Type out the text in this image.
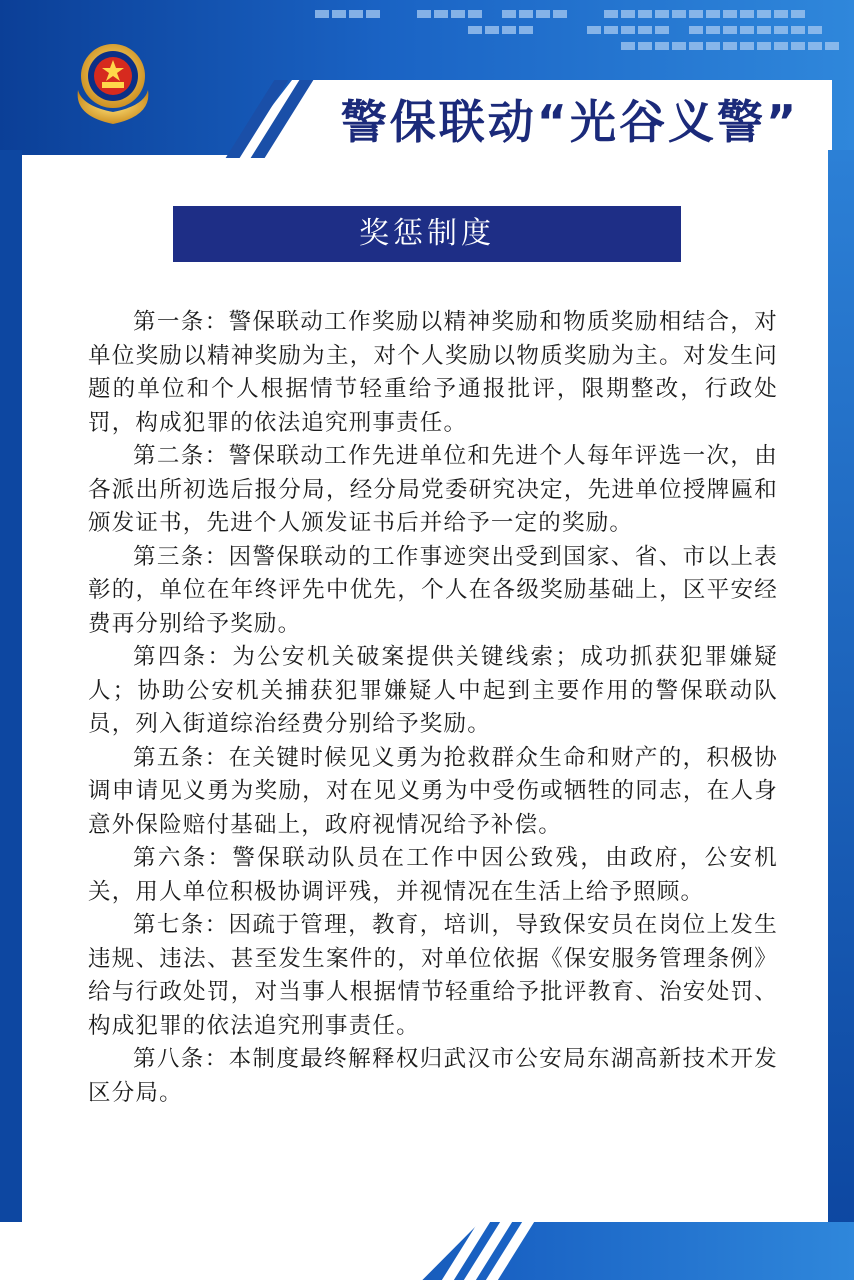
警保联动“光谷义警”
奖惩制度

第一条：警保联动工作奖励以精神奖励和物质奖励相结合，对单位奖励以精神奖励为主，对个人奖励以物质奖励为主。对发生问题的单位和个人根据情节轻重给予通报批评，限期整改，行政处罚，构成犯罪的依法追究刑事责任。

第二条：警保联动工作先进单位和先进个人每年评选一次，由各派出所初选后报分局，经分局党委研究决定，先进单位授牌匾和颁发证书，先进个人颁发证书后并给予一定的奖励。

第三条：因警保联动的工作事迹突出受到国家、省、市以上表彰的，单位在年终评先中优先，个人在各级奖励基础上，区平安经费再分别给予奖励。

第四条：为公安机关破案提供关键线索；成功抓获犯罪嫌疑人；协助公安机关捕获犯罪嫌疑人中起到主要作用的警保联动队员，列入街道综治经费分别给予奖励。

第五条：在关键时候见义勇为抢救群众生命和财产的，积极协调申请见义勇为奖励，对在见义勇为中受伤或牺牲的同志，在人身意外保险赔付基础上，政府视情况给予补偿。

第六条：警保联动队员在工作中因公致残，由政府，公安机关，用人单位积极协调评残，并视情况在生活上给予照顾。

第七条：因疏于管理，教育，培训，导致保安员在岗位上发生违规、违法、甚至发生案件的，对单位依据《保安服务管理条例》给与行政处罚，对当事人根据情节轻重给予批评教育、治安处罚、构成犯罪的依法追究刑事责任。

第八条：本制度最终解释权归武汉市公安局东湖高新技术开发区分局。
